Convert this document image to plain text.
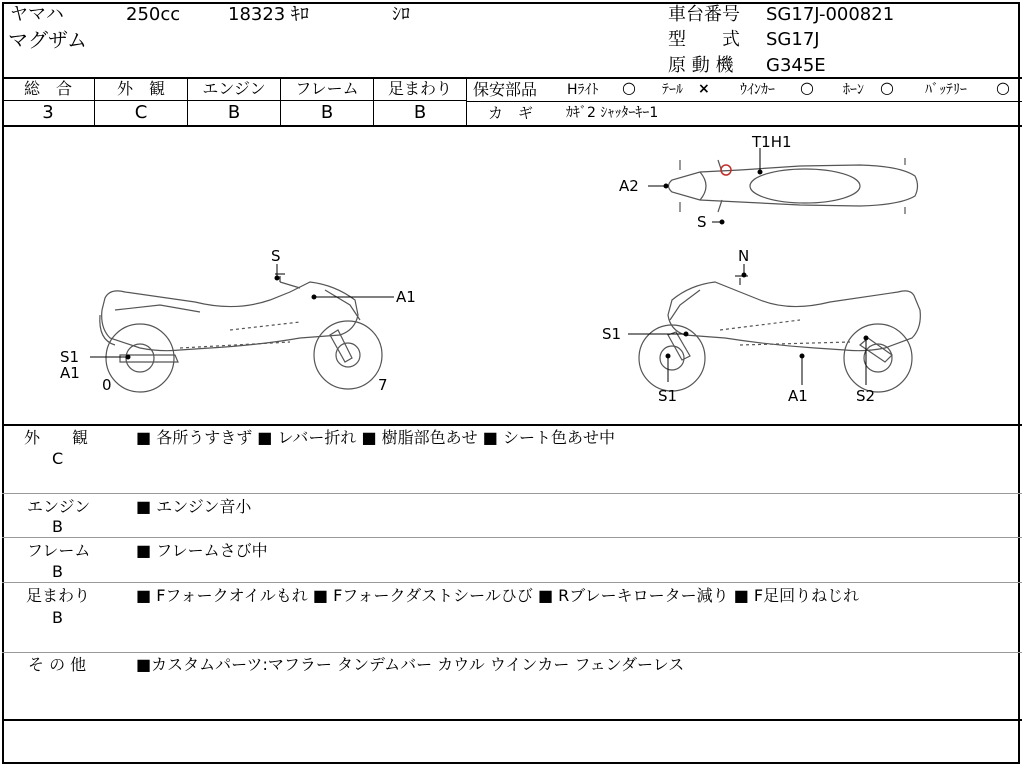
ヤマハ	250cc	18323 ｷﾛ	ｼﾛ
マグザム
車台番号 SG17J-000821
型　　式 SG17J
原 動 機 G345E
総　合	外　観	エンジン	フレーム	足まわり
3	C	B	B	B
保安部品 Hﾗｲﾄ ○ ﾃｰﾙ × ｳｲﾝｶｰ ○ ﾎｰﾝ ○ ﾊﾞｯﾃﾘｰ ○
カ　ギ ｶｷﾞ2 ｼｬｯﾀｰｷｰ1
S
A1
S1
A1
0	7
N
S1
S1	A1	S2
T1H1
A2
S
外　　観
C
■ 各所うすきず ■ レバー折れ ■ 樹脂部色あせ ■ シート色あせ中
エンジン
B
■ エンジン音小
フレーム
B
■ フレームさび中
足まわり
B
■ Fフォークオイルもれ ■ Fフォークダストシールひび ■ Rブレーキローター減り ■ F足回りねじれ
そ の 他	■カスタムパーツ:マフラー タンデムバー カウル ウインカー フェンダーレス
